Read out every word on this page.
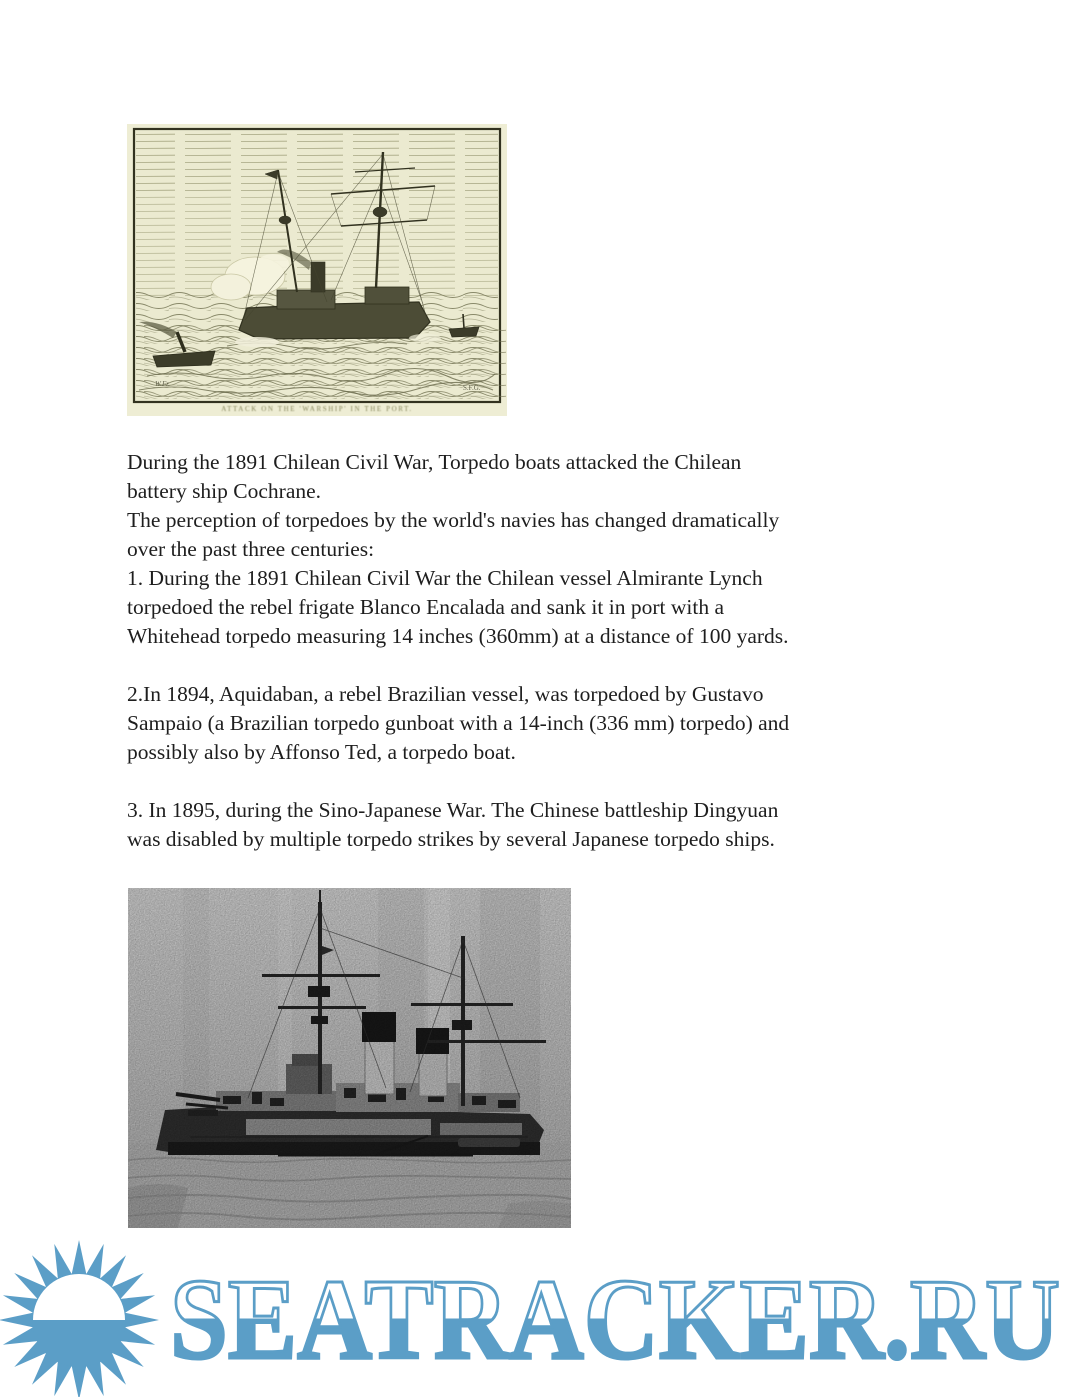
W.Fr.	S.F.G.
ATTACK ON THE 'WARSHIP' IN THE PORT.
During the 1891 Chilean Civil War, Torpedo boats attacked the Chilean
battery ship Cochrane.
The perception of torpedoes by the world's navies has changed dramatically
over the past three centuries:
1. During the 1891 Chilean Civil War the Chilean vessel Almirante Lynch
torpedoed the rebel frigate Blanco Encalada and sank it in port with a
Whitehead torpedo measuring 14 inches (360mm) at a distance of 100 yards.
2.In 1894, Aquidaban, a rebel Brazilian vessel, was torpedoed by Gustavo
Sampaio (a Brazilian torpedo gunboat with a 14-inch (336 mm) torpedo) and
possibly also by Affonso Ted, a torpedo boat.
3. In 1895, during the Sino-Japanese War. The Chinese battleship Dingyuan
was disabled by multiple torpedo strikes by several Japanese torpedo ships.
SEATRACKER.RU
